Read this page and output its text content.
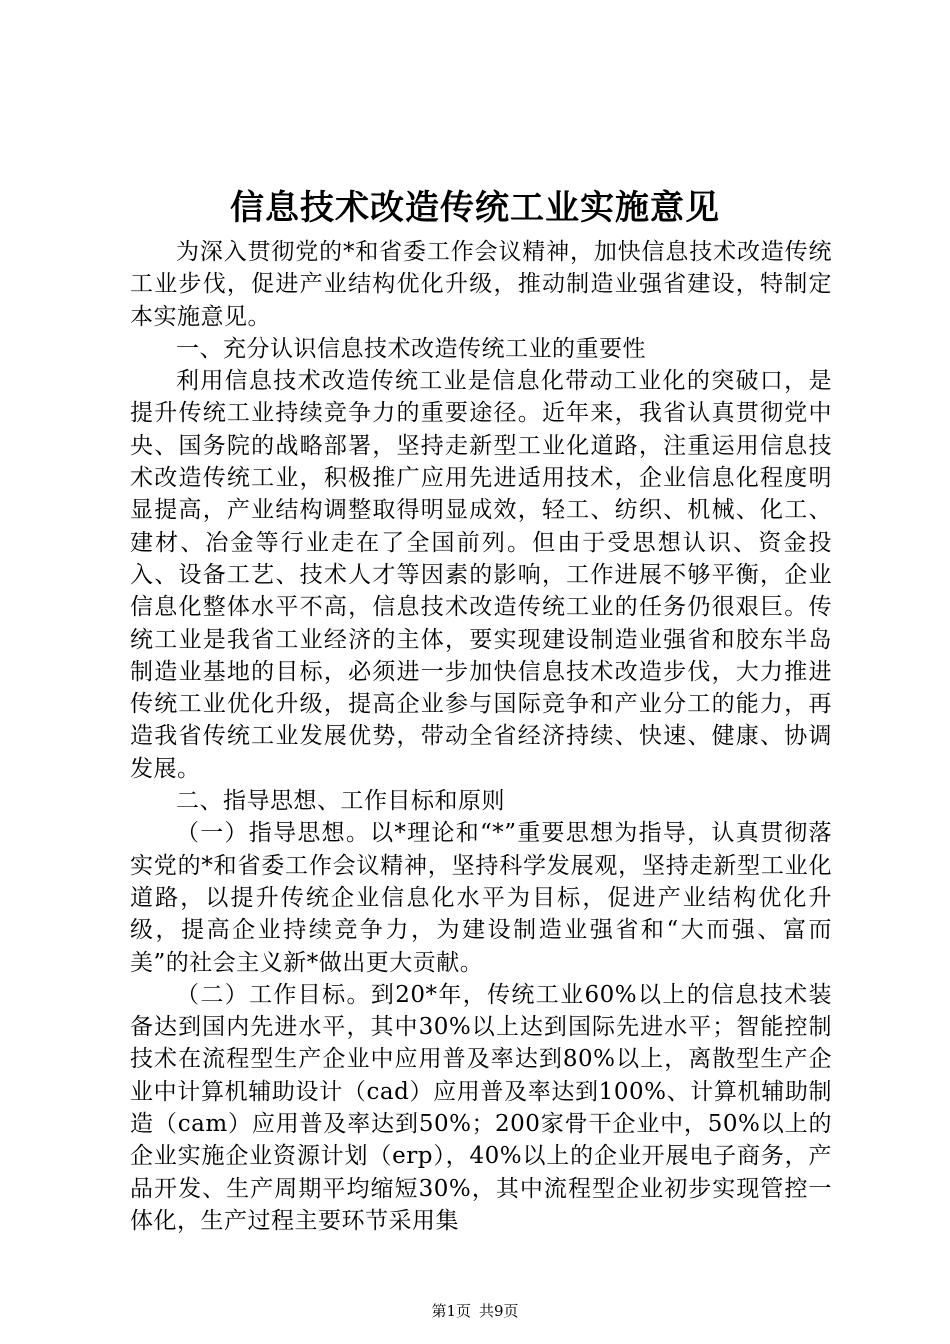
信息技术改造传统工业实施意见

为深入贯彻党的*和省委工作会议精神，加快信息技术改造传统工业步伐，促进产业结构优化升级，推动制造业强省建设，特制定本实施意见。

一、充分认识信息技术改造传统工业的重要性

利用信息技术改造传统工业是信息化带动工业化的突破口，是提升传统工业持续竞争力的重要途径。近年来，我省认真贯彻党中央、国务院的战略部署，坚持走新型工业化道路，注重运用信息技术改造传统工业，积极推广应用先进适用技术，企业信息化程度明显提高，产业结构调整取得明显成效，轻工、纺织、机械、化工、建材、冶金等行业走在了全国前列。但由于受思想认识、资金投入、设备工艺、技术人才等因素的影响，工作进展不够平衡，企业信息化整体水平不高，信息技术改造传统工业的任务仍很艰巨。传统工业是我省工业经济的主体，要实现建设制造业强省和胶东半岛制造业基地的目标，必须进一步加快信息技术改造步伐，大力推进传统工业优化升级，提高企业参与国际竞争和产业分工的能力，再造我省传统工业发展优势，带动全省经济持续、快速、健康、协调发展。

二、指导思想、工作目标和原则

（一）指导思想。以*理论和“*”重要思想为指导，认真贯彻落实党的*和省委工作会议精神，坚持科学发展观，坚持走新型工业化道路，以提升传统企业信息化水平为目标，促进产业结构优化升级，提高企业持续竞争力，为建设制造业强省和“大而强、富而美”的社会主义新*做出更大贡献。

（二）工作目标。到20*年，传统工业60%以上的信息技术装备达到国内先进水平，其中30%以上达到国际先进水平；智能控制技术在流程型生产企业中应用普及率达到80%以上，离散型生产企业中计算机辅助设计（cad）应用普及率达到100%、计算机辅助制造（cam）应用普及率达到50%；200家骨干企业中，50%以上的企业实施企业资源计划（erp），40%以上的企业开展电子商务，产品开发、生产周期平均缩短30%，其中流程型企业初步实现管控一体化，生产过程主要环节采用集

第1页 共9页
